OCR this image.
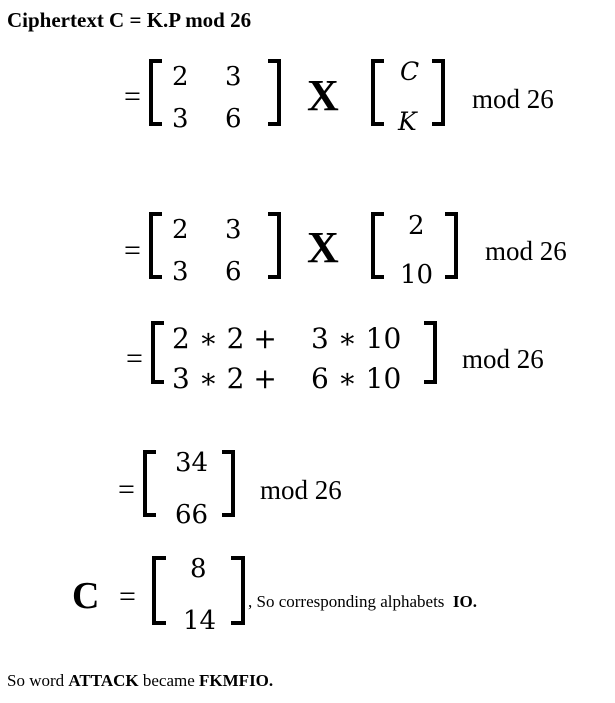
Ciphertext C = K.P mod 26
=
2 3
3 6 X C
K
mod 26
=
2 3
3 6 X	2
10
mod 26
=
2 ∗ 2 + 3 ∗ 10
3 ∗ 2 + 6 ∗ 10
mod 26
=
34
66
mod 26
C =
8
14
, So corresponding alphabets IO.
So word ATTACK became FKMFIO.
